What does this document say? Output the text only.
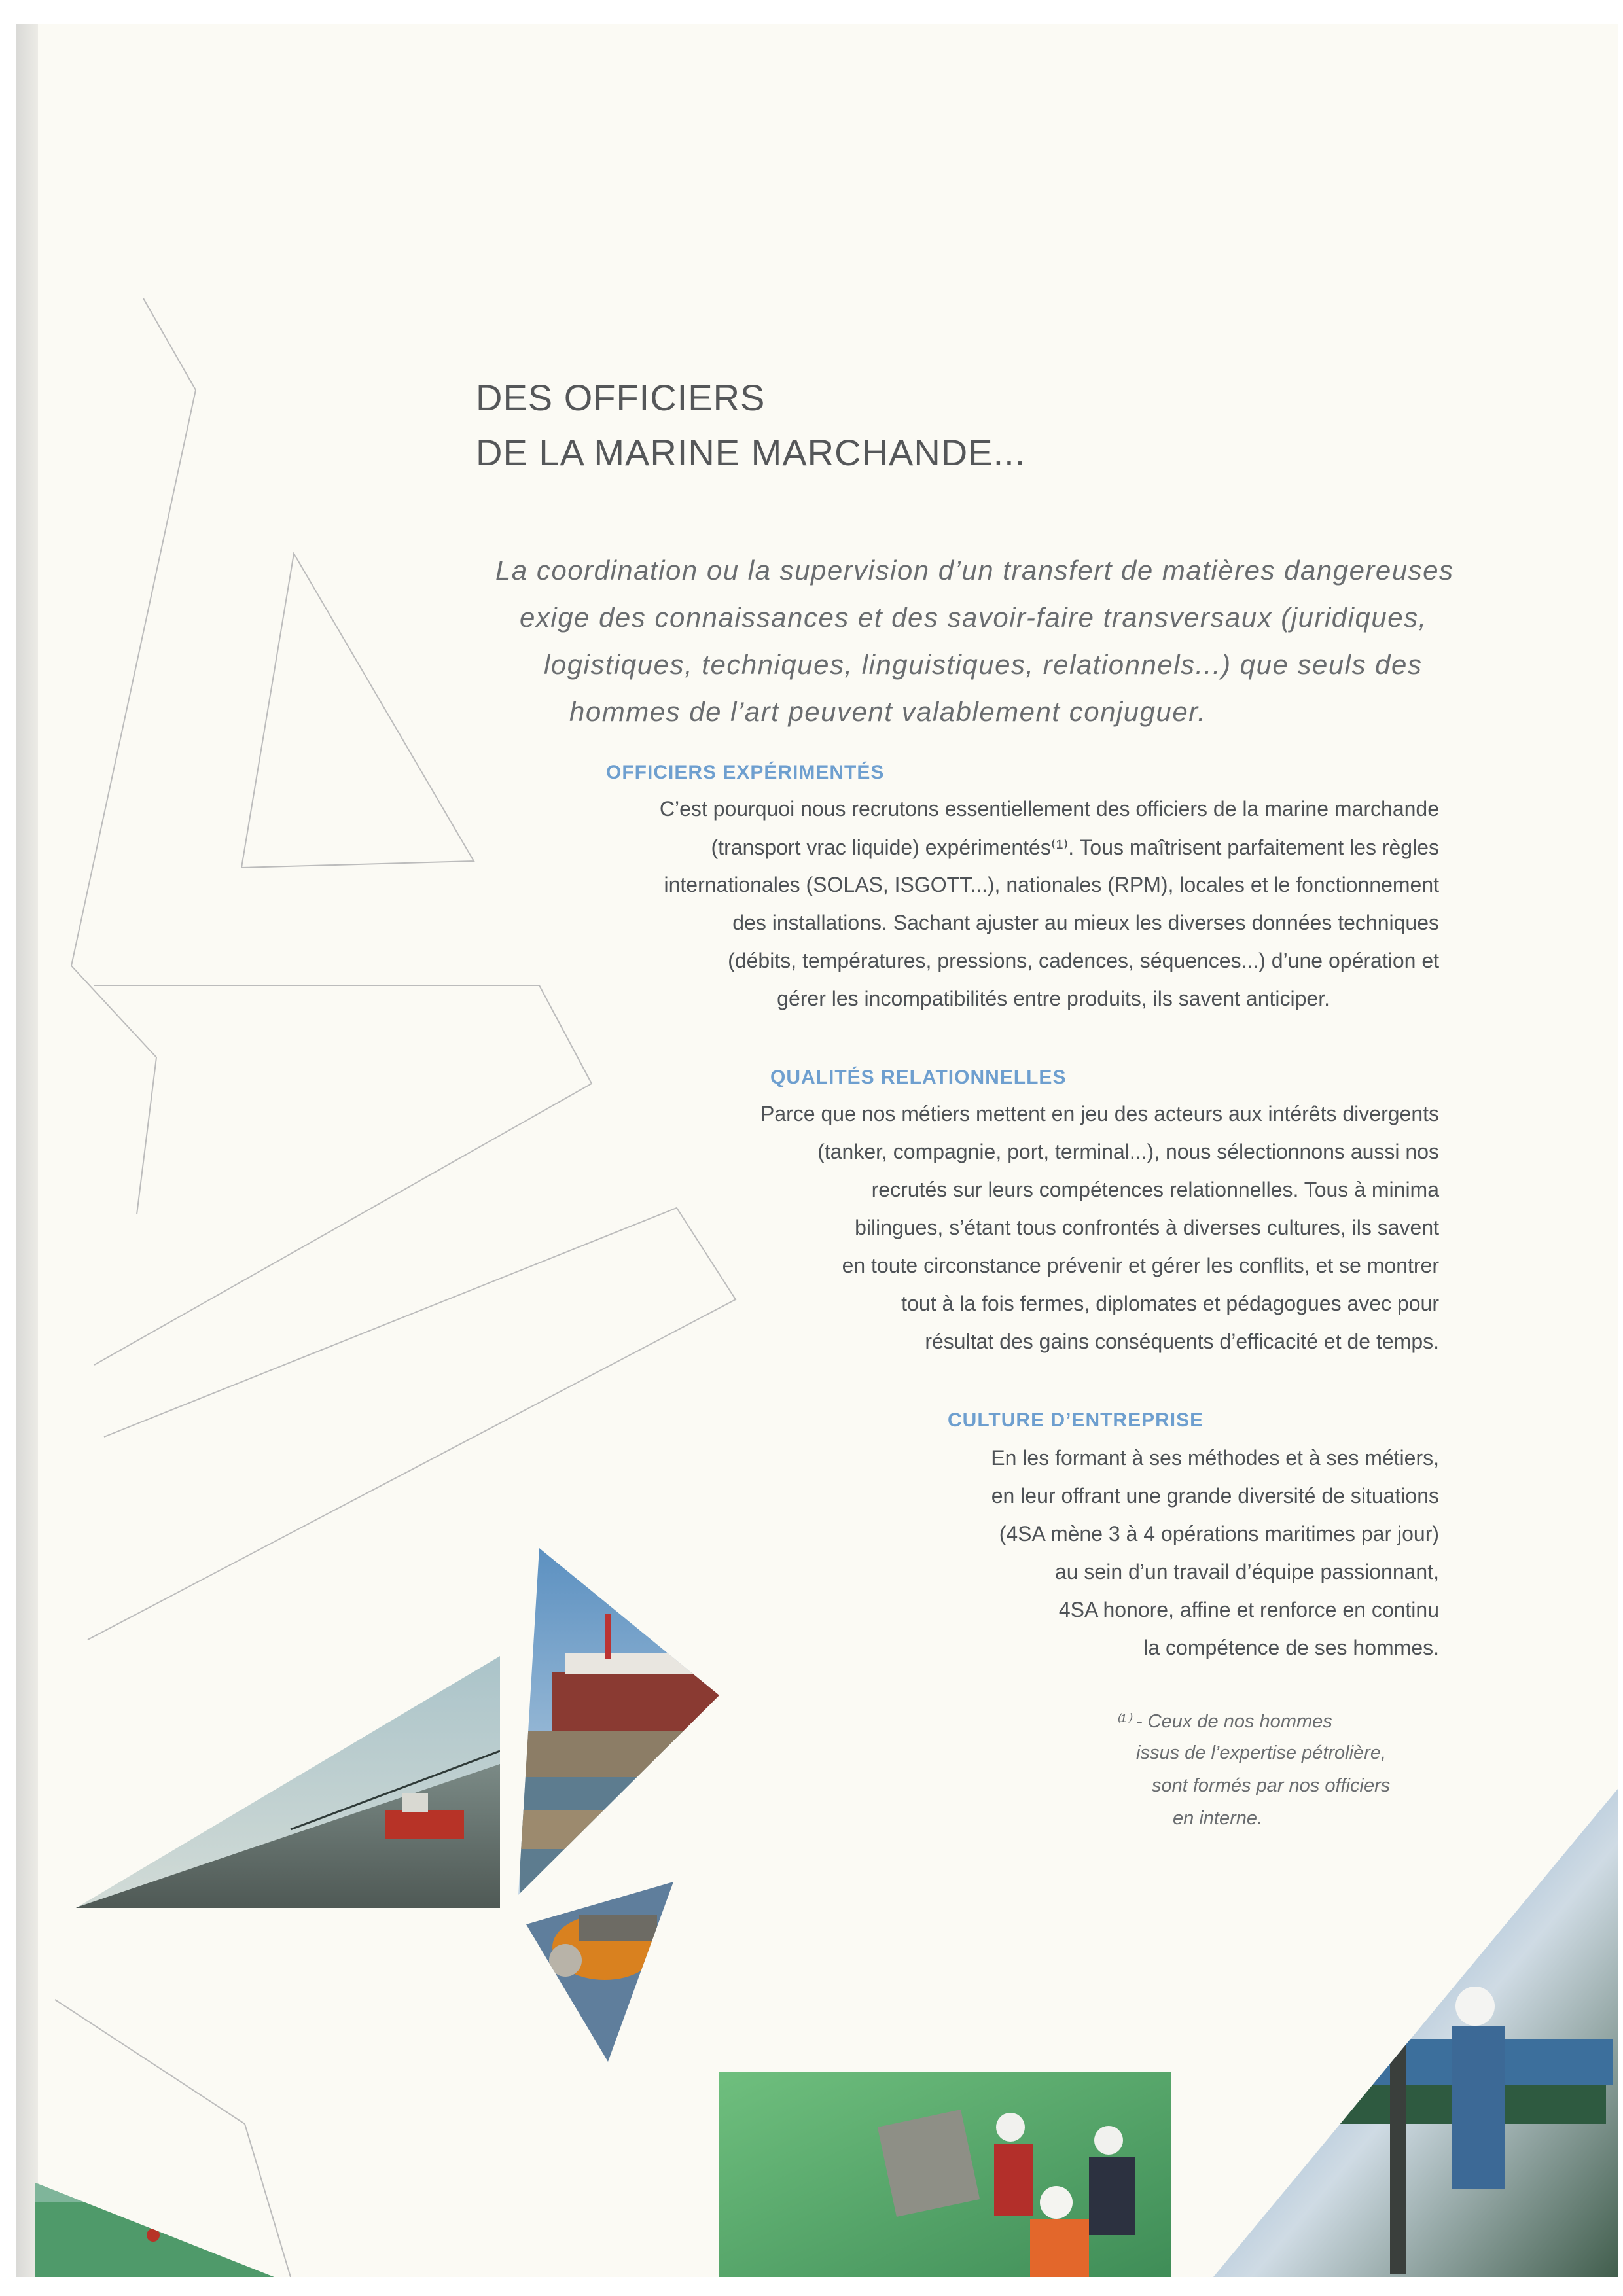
DES OFFICIERS
DE LA MARINE MARCHANDE...

La coordination ou la supervision d’un transfert de matières dangereuses

exige des connaissances et des savoir-faire transversaux (juridiques,

logistiques, techniques, linguistiques, relationnels...) que seuls des

hommes de l’art peuvent valablement conjuguer.

OFFICIERS EXPÉRIMENTÉS

C’est pourquoi nous recrutons essentiellement des officiers de la marine marchande

(transport vrac liquide) expérimentés⁽¹⁾. Tous maîtrisent parfaitement les règles

internationales (SOLAS, ISGOTT...), nationales (RPM), locales et le fonctionnement

des installations. Sachant ajuster au mieux les diverses données techniques

(débits, températures, pressions, cadences, séquences...) d’une opération et

gérer les incompatibilités entre produits, ils savent anticiper.

QUALITÉS RELATIONNELLES

Parce que nos métiers mettent en jeu des acteurs aux intérêts divergents

(tanker, compagnie, port, terminal...), nous sélectionnons aussi nos

recrutés sur leurs compétences relationnelles. Tous à minima

bilingues, s’étant tous confrontés à diverses cultures, ils savent

en toute circonstance prévenir et gérer les conflits, et se montrer

tout à la fois fermes, diplomates et pédagogues avec pour

résultat des gains conséquents d’efficacité et de temps.

CULTURE D’ENTREPRISE

En les formant à ses méthodes et à ses métiers,

en leur offrant une grande diversité de situations

(4SA mène 3 à 4 opérations maritimes par jour)

au sein d’un travail d’équipe passionnant,

4SA honore, affine et renforce en continu

la compétence de ses hommes.

⁽¹⁾ - Ceux de nos hommes

issus de l’expertise pétrolière,

sont formés par nos officiers

en interne.
